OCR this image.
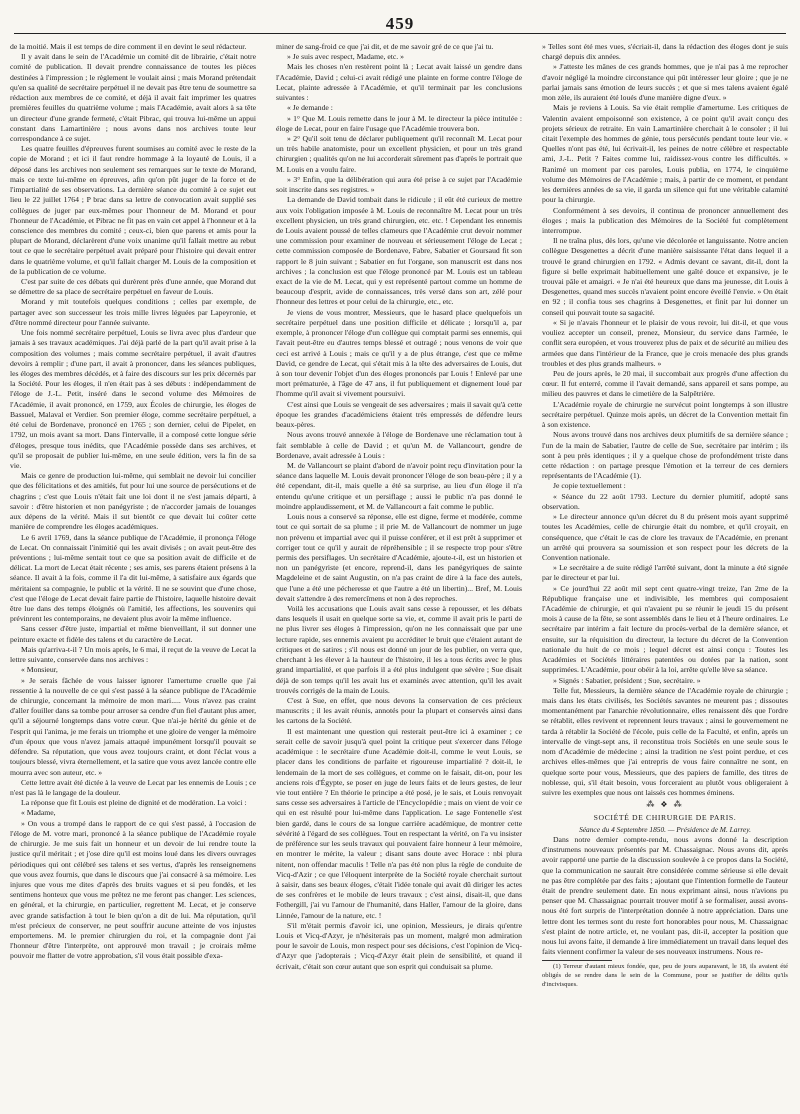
459

de la moitié. Mais il est temps de dire comment il en devint le seul rédacteur.

Il y avait dans le sein de l'Académie un comité dit de librairie, c'était notre comité de publication. Il devait prendre connaissance de toutes les pièces destinées à l'impression ; le règlement le voulait ainsi ; mais Morand prétendait qu'en sa qualité de secrétaire perpétuel il ne devait pas être tenu de soumettre sa rédaction aux membres de ce comité, et déjà il avait fait imprimer les quatres premières feuilles du quatrième volume ; mais l'Académie, avait alors à sa tête un directeur d'une grande fermeté, c'était Pibrac, qui trouva lui-même un appui constant dans Lamartinière ; nous avons dans nos archives toute leur correspondance à ce sujet.

Les quatre feuilles d'épreuves furent soumises au comité avec le reste de la copie de Morand ; et ici il faut rendre hommage à la loyauté de Louis, il a déposé dans les archives non seulement ses remarques sur le texte de Morand, mais ce texte lui-même en épreuves, afin qu'on pût juger de la force et de l'impartialité de ses observations. La dernière séance du comité à ce sujet eut lieu le 22 juillet 1764 ; P brac dans sa lettre de convocation avait supplié ses collègues de juger par eux-mêmes pour l'honneur de M. Morand et pour l'honneur de l'Académie, et Pibrac ne fit pas en vain cet appel à l'honneur et à la conscience des membres du comité ; ceux-ci, bien que parens et amis pour la plupart de Morand, déclarèrent d'une voix unanime qu'il fallait mettre au rebut tout ce que le secrétaire perpétuel avait préparé pour l'histoire qui devait entrer dans le quatrième volume, et qu'il fallait charger M. Louis de la composition et de la publication de ce volume.

C'est par suite de ces débats qui durèrent près d'une année, que Morand dut se démettre de sa place de secrétaire perpétuel en faveur de Louis.

Morand y mit toutefois quelques conditions ; celles par exemple, de partager avec son successeur les trois mille livres léguées par Lapeyronie, et d'être nommé directeur pour l'année suivante.

Une fois nommé secrétaire perpétuel, Louis se livra avec plus d'ardeur que jamais à ses travaux académiques. J'ai déjà parlé de la part qu'il avait prise à la composition des volumes ; mais comme secrétaire perpétuel, il avait d'autres devoirs à remplir ; d'une part, il avait à prononcer, dans les séances publiques, les éloges des membres décédés, et à faire des discours sur les prix décernés par la Société. Pour les éloges, il n'en était pas à ses débuts : indépendamment de l'éloge de J.-L. Petit, inséré dans le second volume des Mémoires de l'Académie, il avait prononcé, en 1759, aux Écoles de chirurgie, les éloges de Bassuel, Malaval et Verdier. Son premier éloge, comme secrétaire perpétuel, a été celui de Bordenave, prononcé en 1765 ; son dernier, celui de Pipelet, en 1792, un mois avant sa mort. Dans l'intervalle, il a composé cette longue série d'éloges, presque tous inédits, que l'Académie possède dans ses archives, et qu'il se proposait de publier lui-même, en une seule édition, vers la fin de sa vie.

Mais ce genre de production lui-même, qui semblait ne devoir lui concilier que des félicitations et des amitiés, fut pour lui une source de persécutions et de chagrins ; c'est que Louis n'était fait une loi dont il ne s'est jamais départi, à savoir : d'être historien et non panégyriste ; de n'accorder jamais de louanges aux dépens de la vérité. Mais il sut bientôt ce que devait lui coûter cette manière de comprendre les éloges académiques.

Le 6 avril 1769, dans la séance publique de l'Académie, il prononça l'éloge de Lecat. On connaissait l'inimitié qui les avait divisés ; on avait peut-être des préventions ; lui-même sentait tout ce que sa position avait de difficile et de délicat. La mort de Lecat était récente ; ses amis, ses parens étaient présens à la séance. Il avait à la fois, comme il l'a dit lui-même, à satisfaire aux égards que méritaient sa compagnie, le public et la vérité. Il ne se souvint que d'une chose, c'est que l'éloge de Lecat devait faire partie de l'histoire, laquelle histoire devait être lue dans des temps éloignés où l'amitié, les affections, les souvenirs qui prévinrent les contemporains, ne devaient plus avoir la même influence.

Sans cesser d'être juste, impartial et même bienveillant, il sut donner une peinture exacte et fidèle des talens et du caractère de Lecat.

Mais qu'arriva-t-il ? Un mois après, le 6 mai, il reçut de la veuve de Lecat la lettre suivante, conservée dans nos archives :

« Monsieur,

» Je serais fâchée de vous laisser ignorer l'amertume cruelle que j'ai ressentie à la nouvelle de ce qui s'est passé à la séance publique de l'Académie de chirurgie, concernant la mémoire de mon mari..... Vous n'avez pas craint d'aller fouiller dans sa tombe pour arroser sa cendre d'un fiel d'autant plus amer, qu'il a séjourné longtemps dans votre cœur. Que n'ai-je hérité du génie et de l'esprit qui l'anima, je me ferais un triomphe et une gloire de venger la mémoire d'un époux que vous n'avez jamais attaqué impunément lorsqu'il pouvait se défendre. Sa réputation, que vous avez toujours craint, et dont l'éclat vous a toujours blessé, vivra éternellement, et la satire que vous avez lancée contre elle mourra avec son auteur, etc. »

Cette lettre avait été dictée à la veuve de Lecat par les ennemis de Louis ; ce n'est pas là le langage de la douleur.

La réponse que fit Louis est pleine de dignité et de modération. La voici :

« Madame,

» On vous a trompé dans le rapport de ce qui s'est passé, à l'occasion de l'éloge de M. votre mari, prononcé à la séance publique de l'Académie royale de chirurgie. Je me suis fait un honneur et un devoir de lui rendre toute la justice qu'il méritait ; et j'ose dire qu'il est moins loué dans les divers ouvrages périodiques qui ont célébré ses talens et ses vertus, d'après les renseignemens que vous avez fournis, que dans le discours que j'ai consacré à sa mémoire. Les injures que vous me dites d'après des bruits vagues et si peu fondés, et les sentimens honteux que vous me prêtez ne me feront pas changer. Les sciences, en général, et la chirurgie, en particulier, regrettent M. Lecat, et je conserve avec grande satisfaction à tout le bien qu'on a dit de lui. Ma réputation, qu'il m'est précieux de conserver, ne peut souffrir aucune atteinte de vos injustes emportemens. M. le premier chirurgien du roi, et la compagnie dont j'ai l'honneur d'être l'interprète, ont approuvé mon travail ; je croirais même pouvoir me flatter de votre approbation, s'il vous était possible d'exa-

miner de sang-froid ce que j'ai dit, et de me savoir gré de ce que j'ai tu.

» Je suis avec respect, Madame, etc. »

Mais les choses n'en restèrent point là ; Lecat avait laissé un gendre dans l'Académie, David ; celui-ci avait rédigé une plainte en forme contre l'éloge de Lecat, plainte adressée à l'Académie, et qu'il terminait par les conclusions suivantes :

« Je demande :

» 1° Que M. Louis remette dans le jour à M. le directeur la pièce intitulée : éloge de Lecat, pour en faire l'usage que l'Académie trouvera bon.

» 2° Qu'il soit tenu de déclarer publiquement qu'il reconnaît M. Lecat pour un très habile anatomiste, pour un excellent physicien, et pour un très grand chirurgien ; qualités qu'on ne lui accorderait sûrement pas d'après le portrait que M. Louis en a voulu faire.

» 3° Enfin, que la délibération qui aura été prise à ce sujet par l'Académie soit inscrite dans ses registres. »

La demande de David tombait dans le ridicule ; il eût été curieux de mettre aux voix l'obligation imposée à M. Louis de reconnaître M. Lecat pour un très excellent physicien, un très grand chirurgien, etc. etc. ! Cependant les ennemis de Louis avaient poussé de telles clameurs que l'Académie crut devoir nommer une commission pour examiner de nouveau et sérieusement l'éloge de Lecat ; cette commission composée de Bordenave, Fabre, Sabatier et Goursaud fit son rapport le 8 juin suivant ; Sabatier en fut l'organe, son manuscrit est dans nos archives ; la conclusion est que l'éloge prononcé par M. Louis est un tableau exact de la vie de M. Lecat, qui y est représenté partout comme un homme de beaucoup d'esprit, avide de connaissances, très versé dans son art, zélé pour l'honneur des lettres et pour celui de la chirurgie, etc., etc.

Je viens de vous montrer, Messieurs, que le hasard place quelquefois un secrétaire perpétuel dans une position difficile et délicate ; lorsqu'il a, par exemple, à prononcer l'éloge d'un collègue qui comptait parmi ses ennemis, qui l'avait peut-être eu d'autres temps blessé et outragé ; nous venons de voir que ceci est arrivé à Louis ; mais ce qu'il y a de plus étrange, c'est que ce même David, ce gendre de Lecat, qui s'était mis à la tête des adversaires de Louis, dut à son tour devenir l'objet d'un des éloges prononcés par Louis ! Enlevé par une mort prématurée, à l'âge de 47 ans, il fut publiquement et dignement loué par l'homme qu'il avait si vivement poursuivi.

C'est ainsi que Louis se vengeait de ses adversaires ; mais il savait qu'à cette époque les grandes d'académiciens étaient très empressés de défendre leurs beaux-pères.

Nous avons trouvé annexée à l'éloge de Bordenave une réclamation tout à fait semblable à celle de David ; et qu'un M. de Vallancourt, gendre de Bordenave, avait adressée à Louis :

M. de Vallancourt se plaint d'abord de n'avoir point reçu d'invitation pour la séance dans laquelle M. Louis devait prononcer l'éloge de son beau-père ; il y a été cependant, dit-il, mais quelle a été sa surprise, au lieu d'un éloge il n'a entendu qu'une critique et un persiflage ; aussi le public n'a pas donné le moindre applaudissement, et M. de Vallancourt a fait comme le public.

Louis nous a conservé sa réponse, elle est digne, ferme et modérée, comme tout ce qui sortait de sa plume ; il prie M. de Vallancourt de nommer un juge non prévenu et impartial avec qui il puisse conférer, et il est prêt à supprimer et corriger tout ce qu'il y aurait de répréhensible ; il se respecte trop pour s'être permis des persiflages. Un secrétaire d'Académie, ajoute-t-il, est un historien et non un panégyriste (et encore, reprend-il, dans les panégyriques de sainte Magdeleine et de saint Augustin, on n'a pas craint de dire à la face des autels, que l'une a été une pécheresse et que l'autre a été un libertin)... Bref, M. Louis devait s'attendre à des remercîmens et non à des reproches.

Voilà les accusations que Louis avait sans cesse à repousser, et les débats dans lesquels il usait en quelque sorte sa vie, et, comme il avait pris le parti de ne plus livrer ses éloges à l'impression, qu'on ne les connaissait que par une lecture rapide, ses ennemis avaient pu accréditer le bruit que c'étaient autant de critiques et de satires ; s'il nous est donné un jour de les publier, on verra que, cherchant à les élever à la hauteur de l'histoire, il les a tous écrits avec le plus grand impartialité, et que parfois il a été plus indulgent que sévère ; Sue disait déjà de son temps qu'il les avait lus et examinés avec attention, qu'il les avait trouvés corrigés de la main de Louis.

C'est à Sue, en effet, que nous devons la conservation de ces précieux manuscrits ; il les avait réunis, annotés pour la plupart et conservés ainsi dans les cartons de la Société.

Il est maintenant une question qui resterait peut-être ici à examiner ; ce serait celle de savoir jusqu'à quel point la critique peut s'exercer dans l'éloge académique : le secrétaire d'une Académie doit-il, comme le veut Louis, se placer dans les conditions de parfaite et rigoureuse impartialité ? doit-il, le lendemain de la mort de ses collègues, et comme on le faisait, dit-on, pour les anciens rois d'Égypte, se poser en juge de leurs faits et de leurs gestes, de leur vie tout entière ? En théorie le principe a été posé, je le sais, et Louis renvoyait sans cesse ses adversaires à l'article de l'Encyclopédie ; mais on vient de voir ce qui en est résulté pour lui-même dans l'application. Le sage Fontenelle s'est bien gardé, dans le cours de sa longue carrière académique, de montrer cette sévérité à l'égard de ses collègues. Tout en respectant la vérité, on l'a vu insister de préférence sur les seuls travaux qui pouvaient faire honneur à leur mémoire, en montrer le mérite, la valeur ; disant sans doute avec Horace : nbi plura nitent, non offendar maculis ! Telle n'a pas été non plus la règle de conduite de Vicq-d'Azir ; ce que l'éloquent interprète de la Société royale cherchait surtout à saisir, dans ses beaux éloges, c'était l'idée tonale qui avait dû diriger les actes de ses confrères et le mobile de leurs travaux ; c'est ainsi, disait-il, que dans Fothergill, j'ai vu l'amour de l'humanité, dans Haller, l'amour de la gloire, dans Linnée, l'amour de la nature, etc. !

S'il m'était permis d'avoir ici, une opinion, Messieurs, je dirais qu'entre Louis et Vicq-d'Azyr, je n'hésiterais pas un moment, malgré mon admiration pour le savoir de Louis, mon respect pour ses décisions, c'est l'opinion de Vicq-d'Azyr que j'adopterais ; Vicq-d'Azyr était plein de sensibilité, et quand il écrivait, c'était son cœur autant que son esprit qui conduisait sa plume.

» Telles sont été mes vues, s'écriait-il, dans la rédaction des éloges dont je suis chargé depuis dix années.

» J'atteste les mânes de ces grands hommes, que je n'ai pas à me reprocher d'avoir négligé la moindre circonstance qui pût intéresser leur gloire ; que je ne parlai jamais sans émotion de leurs succès ; et que si mes talens avaient égalé mon zèle, ils auraient été loués d'une manière digne d'eux. »

Mais je reviens à Louis. Sa vie était remplie d'amertume. Les critiques de Valentin avaient empoisonné son existence, à ce point qu'il avait conçu des projets sérieux de retraite. En vain Lamartinière cherchait à le consoler ; il lui citait l'exemple des hommes de génie, tous persécutés pendant toute leur vie. « Quelles n'ont pas été, lui écrivait-il, les peines de notre célèbre et respectable ami, J.-L. Petit ? Faites comme lui, raidissez-vous contre les difficultés. » Ranimé un moment par ces paroles, Louis publia, en 1774, le cinquième volume des Mémoires de l'Académie ; mais, à partir de ce moment, et pendant les dernières années de sa vie, il garda un silence qui fut une véritable calamité pour la chirurgie.

Conformément à ses devoirs, il continua de prononcer annuellement des éloges ; mais la publication des Mémoires de la Société fut complètement interrompue.

Il ne traîna plus, dès lors, qu'une vie décolorée et languissante. Notre ancien collègue Desgenettes a décrit d'une manière saisissante l'état dans lequel il a trouvé le grand chirurgien en 1792. « Admis devant ce savant, dit-il, dont la figure si belle exprimait habituellement une gaîté douce et expansive, je le trouvai pâle et amaigri. « Je n'ai été heureux que dans ma jeunesse, dit Louis à Desgenettes, quand mes succès n'avaient point encore éveillé l'envie. » On était en 92 ; il confia tous ses chagrins à Desgenettes, et finit par lui donner un conseil qui pouvait toute sa sagacité.

« Si je n'avais l'honneur et le plaisir de vous revoir, lui dit-il, et que vous vouliez accepter un conseil, prenez, Monsieur, du service dans l'armée, le conflit sera européen, et vous trouverez plus de paix et de sécurité au milieu des armées que dans l'intérieur de la France, que je crois menacée des plus grands troubles et des plus grands malheurs. »

Peu de jours après, le 20 mai, il succombait aux progrès d'une affection du cœur. Il fut enterré, comme il l'avait demandé, sans appareil et sans pompe, au milieu des pauvres et dans le cimetière de la Salpêtrière.

L'Académie royale de chirurgie ne survécut point longtemps à son illustre secrétaire perpétuel. Quinze mois après, un décret de la Convention mettait fin à son existence.

Nous avons trouvé dans nos archives deux plumitifs de sa dernière séance ; l'un de la main de Sabatier, l'autre de celle de Sue, secrétaire par intérim ; ils sont à peu près identiques ; il y a quelque chose de profondément triste dans cette rédaction : on partage presque l'émotion et la terreur de ces derniers représentants de l'Académie (1).

Je copie textuellement :

« Séance du 22 août 1793. Lecture du dernier plumitif, adopté sans observation.

» Le directeur annonce qu'un décret du 8 du présent mois ayant supprimé toutes les Académies, celle de chirurgie était du nombre, et qu'il croyait, en conséquence, que c'était le cas de clore les travaux de l'Académie, en prenant un arrêté qui prouvera sa soumission et son respect pour les décrets de la Convention nationale.

» Le secrétaire a de suite rédigé l'arrêté suivant, dont la minute a été signée par le directeur et par lui.

» Ce jourd'hui 22 août mil sept cent quatre-vingt treize, l'an 2me de la République française une et indivisible, les membres qui composaient l'Académie de chirurgie, et qui n'avaient pu se réunir le jeudi 15 du présent mois à cause de la fête, se sont assemblés dans le lieu et à l'heure ordinaires. Le secrétaire par intérim a fait lecture du procès-verbal de la dernière séance, et ensuite, sur la réquisition du directeur, la lecture du décret de la Convention nationale du huit de ce mois ; lequel décret est ainsi conçu : Toutes les Académies et Sociétés littéraires patentées ou dotées par la nation, sont supprimées. L'Académie, pour obéir à la loi, arrête qu'elle lève sa séance.

» Signés : Sabatier, président ; Sue, secrétaire. »

Telle fut, Messieurs, la dernière séance de l'Académie royale de chirurgie ; mais dans les états civilisés, les Sociétés savantes ne meurent pas ; dissoutes momentanément par l'anarchie révolutionnaire, elles renaissent dès que l'ordre se rétablit, elles revivent et reprennent leurs travaux ; ainsi le gouvernement ne tarda à rétablir la Société de l'école, puis celle de la Faculté, et enfin, après un intervalle de vingt-sept ans, il reconstitua trois Sociétés en une seule sous le nom d'Académie de médecine ; ainsi la tradition ne s'est point perdue, et ces archives elles-mêmes que j'ai entrepris de vous faire connaître ne sont, en quelque sorte pour vous, Messieurs, que des papiers de famille, des titres de noblesse, qui, s'il était besoin, vous forceraient au plutôt vous obligeraient à suivre les exemples que nous ont laissés ces hommes éminens.

⁂ ❖ ⁂
SOCIÉTÉ DE CHIRURGIE DE PARIS.
Séance du 4 Septembre 1850. — Présidence de M. Larrey.

Dans notre dernier compte-rendu, nous avons donné la description d'instrumens nouveaux présentés par M. Chassaignac. Nous avons dit, après avoir rapporté une partie de la discussion soulevée à ce propos dans la Société, que la communication ne saurait être considérée comme sérieuse si elle devait ne pas être complétée par des faits ; ajoutant que l'intention formelle de l'auteur était de prendre seulement date. En nous exprimant ainsi, nous n'avions pu penser que M. Chassaignac pourrait trouver motif à se formaliser, aussi avons-nous été fort surpris de l'interprétation donnée à notre appréciation. Dans une lettre dont les termes sont du reste fort honorables pour nous, M. Chassaignac s'est plaint de notre article, et, ne voulant pas, dit-il, accepter la position que nous lui avons faite, il demande à lire immédiatement un travail dans lequel des faits viennent confirmer la valeur de ses nouveaux instrumens. Nous re-

(1) Terreur d'autant mieux fondée, que, peu de jours auparavant, le 18, ils avaient été obligés de se rendre dans le sein de la Commune, pour se justifier de délits qu'ils d'incivisques.
